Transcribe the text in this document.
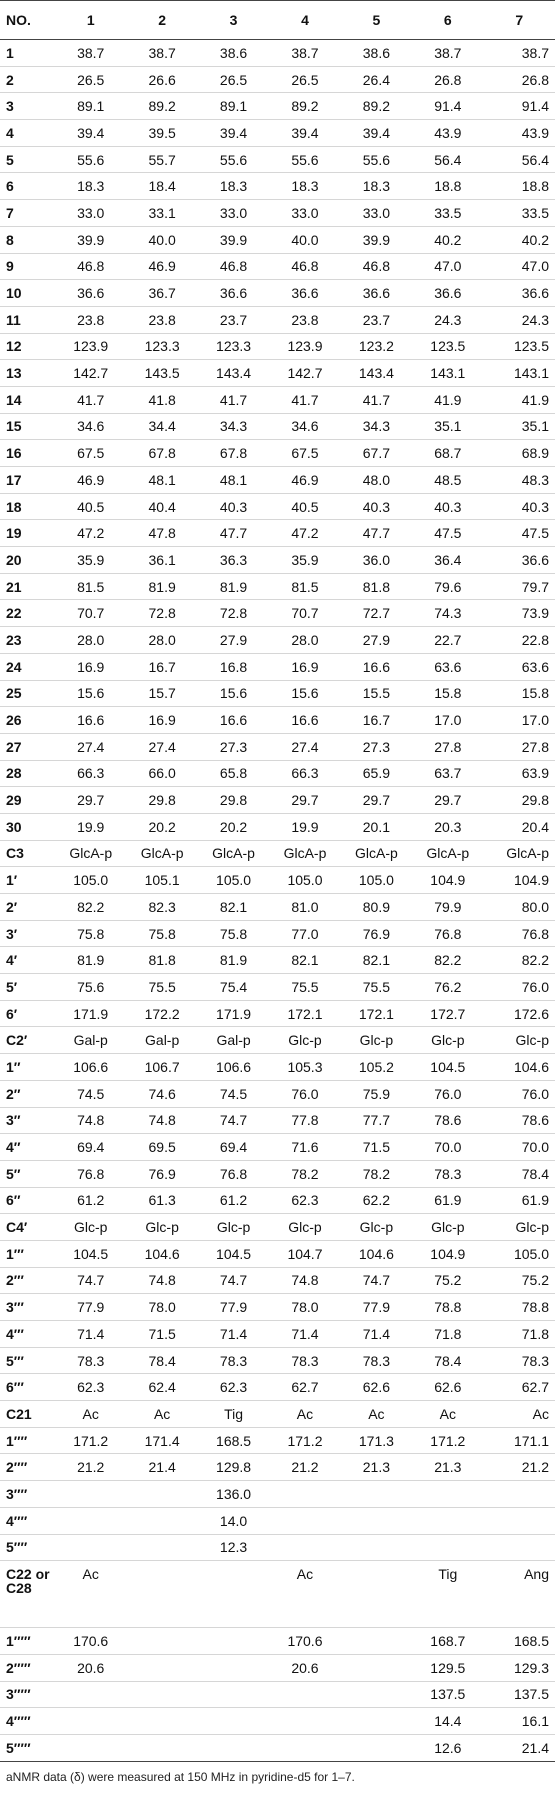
NO.	1	2	3	4	5	6	7
1	38.7	38.7	38.6	38.7	38.6	38.7	38.7
2	26.5	26.6	26.5	26.5	26.4	26.8	26.8
3	89.1	89.2	89.1	89.2	89.2	91.4	91.4
4	39.4	39.5	39.4	39.4	39.4	43.9	43.9
5	55.6	55.7	55.6	55.6	55.6	56.4	56.4
6	18.3	18.4	18.3	18.3	18.3	18.8	18.8
7	33.0	33.1	33.0	33.0	33.0	33.5	33.5
8	39.9	40.0	39.9	40.0	39.9	40.2	40.2
9	46.8	46.9	46.8	46.8	46.8	47.0	47.0
10	36.6	36.7	36.6	36.6	36.6	36.6	36.6
11	23.8	23.8	23.7	23.8	23.7	24.3	24.3
12	123.9	123.3	123.3	123.9	123.2	123.5	123.5
13	142.7	143.5	143.4	142.7	143.4	143.1	143.1
14	41.7	41.8	41.7	41.7	41.7	41.9	41.9
15	34.6	34.4	34.3	34.6	34.3	35.1	35.1
16	67.5	67.8	67.8	67.5	67.7	68.7	68.9
17	46.9	48.1	48.1	46.9	48.0	48.5	48.3
18	40.5	40.4	40.3	40.5	40.3	40.3	40.3
19	47.2	47.8	47.7	47.2	47.7	47.5	47.5
20	35.9	36.1	36.3	35.9	36.0	36.4	36.6
21	81.5	81.9	81.9	81.5	81.8	79.6	79.7
22	70.7	72.8	72.8	70.7	72.7	74.3	73.9
23	28.0	28.0	27.9	28.0	27.9	22.7	22.8
24	16.9	16.7	16.8	16.9	16.6	63.6	63.6
25	15.6	15.7	15.6	15.6	15.5	15.8	15.8
26	16.6	16.9	16.6	16.6	16.7	17.0	17.0
27	27.4	27.4	27.3	27.4	27.3	27.8	27.8
28	66.3	66.0	65.8	66.3	65.9	63.7	63.9
29	29.7	29.8	29.8	29.7	29.7	29.7	29.8
30	19.9	20.2	20.2	19.9	20.1	20.3	20.4
C3	GlcA-p	GlcA-p	GlcA-p	GlcA-p	GlcA-p	GlcA-p	GlcA-p
1′	105.0	105.1	105.0	105.0	105.0	104.9	104.9
2′	82.2	82.3	82.1	81.0	80.9	79.9	80.0
3′	75.8	75.8	75.8	77.0	76.9	76.8	76.8
4′	81.9	81.8	81.9	82.1	82.1	82.2	82.2
5′	75.6	75.5	75.4	75.5	75.5	76.2	76.0
6′	171.9	172.2	171.9	172.1	172.1	172.7	172.6
C2′	Gal-p	Gal-p	Gal-p	Glc-p	Glc-p	Glc-p	Glc-p
1′′	106.6	106.7	106.6	105.3	105.2	104.5	104.6
2′′	74.5	74.6	74.5	76.0	75.9	76.0	76.0
3′′	74.8	74.8	74.7	77.8	77.7	78.6	78.6
4′′	69.4	69.5	69.4	71.6	71.5	70.0	70.0
5′′	76.8	76.9	76.8	78.2	78.2	78.3	78.4
6′′	61.2	61.3	61.2	62.3	62.2	61.9	61.9
C4′	Glc-p	Glc-p	Glc-p	Glc-p	Glc-p	Glc-p	Glc-p
1′′′	104.5	104.6	104.5	104.7	104.6	104.9	105.0
2′′′	74.7	74.8	74.7	74.8	74.7	75.2	75.2
3′′′	77.9	78.0	77.9	78.0	77.9	78.8	78.8
4′′′	71.4	71.5	71.4	71.4	71.4	71.8	71.8
5′′′	78.3	78.4	78.3	78.3	78.3	78.4	78.3
6′′′	62.3	62.4	62.3	62.7	62.6	62.6	62.7
C21	Ac	Ac	Tig	Ac	Ac	Ac	Ac
1′′′′	171.2	171.4	168.5	171.2	171.3	171.2	171.1
2′′′′	21.2	21.4	129.8	21.2	21.3	21.3	21.2
3′′′′			136.0				
4′′′′			14.0				
5′′′′			12.3				
C22 or C28	Ac			Ac		Tig	Ang
1′′′′′	170.6			170.6		168.7	168.5
2′′′′′	20.6			20.6		129.5	129.3
3′′′′′						137.5	137.5
4′′′′′						14.4	16.1
5′′′′′						12.6	21.4
aNMR data (δ) were measured at 150 MHz in pyridine-d5 for 1–7.
